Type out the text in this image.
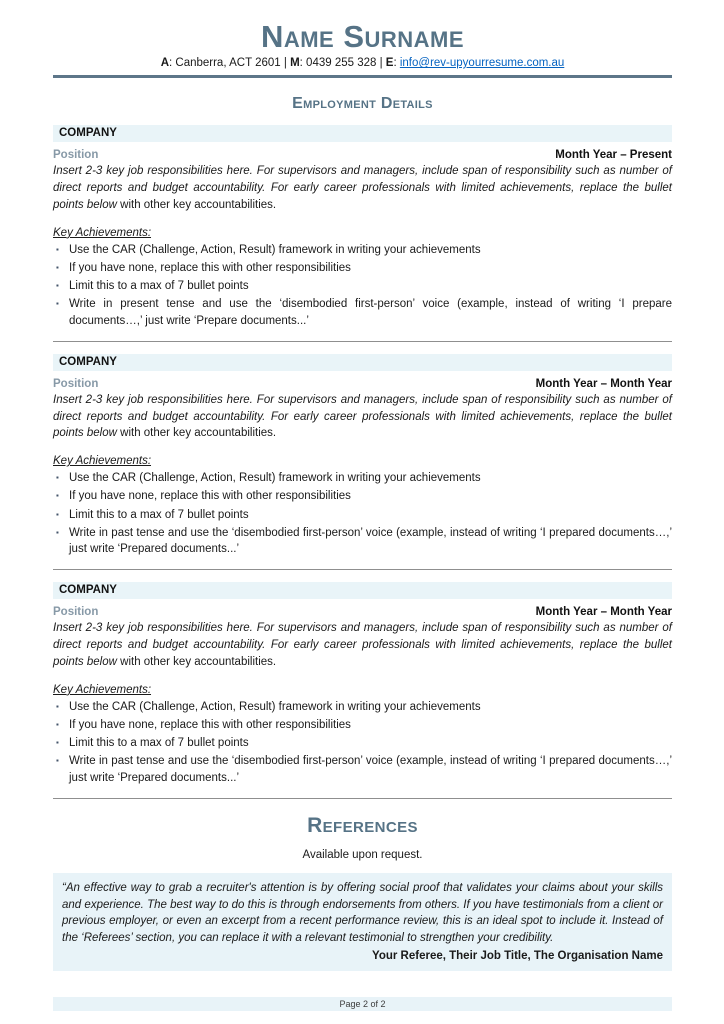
Name Surname
A: Canberra, ACT 2601 | M: 0439 255 328 | E: info@rev-upyourresume.com.au
Employment Details
COMPANY
Position	Month Year – Present

Insert 2-3 key job responsibilities here. For supervisors and managers, include span of responsibility such as number of direct reports and budget accountability. For early career professionals with limited achievements, replace the bullet points below with other key accountabilities.

Key Achievements:
▪ Use the CAR (Challenge, Action, Result) framework in writing your achievements
▪ If you have none, replace this with other responsibilities
▪ Limit this to a max of 7 bullet points
▪ Write in present tense and use the ‘disembodied first-person’ voice (example, instead of writing ‘I prepare documents…,’ just write ‘Prepare documents...’
COMPANY
Position	Month Year – Month Year

Insert 2-3 key job responsibilities here. For supervisors and managers, include span of responsibility such as number of direct reports and budget accountability. For early career professionals with limited achievements, replace the bullet points below with other key accountabilities.

Key Achievements:
▪ Use the CAR (Challenge, Action, Result) framework in writing your achievements
▪ If you have none, replace this with other responsibilities
▪ Limit this to a max of 7 bullet points
▪ Write in past tense and use the ‘disembodied first-person’ voice (example, instead of writing ‘I prepared documents…,’ just write ‘Prepared documents...’
COMPANY
Position	Month Year – Month Year

Insert 2-3 key job responsibilities here. For supervisors and managers, include span of responsibility such as number of direct reports and budget accountability. For early career professionals with limited achievements, replace the bullet points below with other key accountabilities.

Key Achievements:
▪ Use the CAR (Challenge, Action, Result) framework in writing your achievements
▪ If you have none, replace this with other responsibilities
▪ Limit this to a max of 7 bullet points
▪ Write in past tense and use the ‘disembodied first-person’ voice (example, instead of writing ‘I prepared documents…,’ just write ‘Prepared documents...’
References
Available upon request.
“An effective way to grab a recruiter's attention is by offering social proof that validates your claims about your skills and experience. The best way to do this is through endorsements from others. If you have testimonials from a client or previous employer, or even an excerpt from a recent performance review, this is an ideal spot to include it. Instead of the ‘Referees’ section, you can replace it with a relevant testimonial to strengthen your credibility.
Your Referee, Their Job Title, The Organisation Name
Page 2 of 2
